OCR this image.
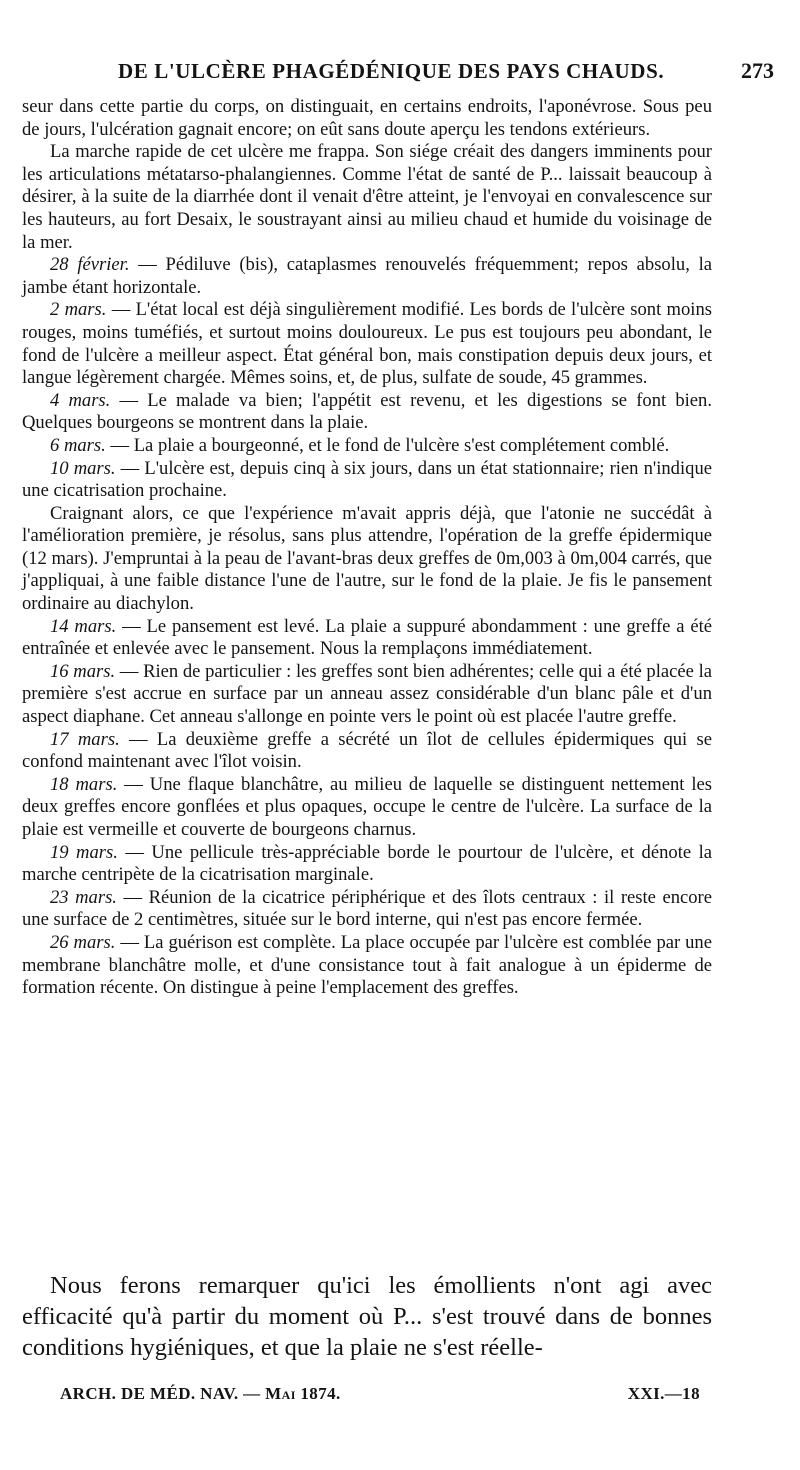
DE L'ULCÈRE PHAGÉDÉNIQUE DES PAYS CHAUDS.	273

seur dans cette partie du corps, on distinguait, en certains endroits, l'aponévrose. Sous peu de jours, l'ulcération gagnait encore; on eût sans doute aperçu les tendons extérieurs.

La marche rapide de cet ulcère me frappa. Son siége créait des dangers imminents pour les articulations métatarso-phalangiennes. Comme l'état de santé de P... laissait beaucoup à désirer, à la suite de la diarrhée dont il venait d'être atteint, je l'envoyai en convalescence sur les hauteurs, au fort Desaix, le soustrayant ainsi au milieu chaud et humide du voisinage de la mer.

28 février. — Pédiluve (bis), cataplasmes renouvelés fréquemment; repos absolu, la jambe étant horizontale.

2 mars. — L'état local est déjà singulièrement modifié. Les bords de l'ulcère sont moins rouges, moins tuméfiés, et surtout moins douloureux. Le pus est toujours peu abondant, le fond de l'ulcère a meilleur aspect. État général bon, mais constipation depuis deux jours, et langue légèrement chargée. Mêmes soins, et, de plus, sulfate de soude, 45 grammes.

4 mars. — Le malade va bien; l'appétit est revenu, et les digestions se font bien. Quelques bourgeons se montrent dans la plaie.

6 mars. — La plaie a bourgeonné, et le fond de l'ulcère s'est complétement comblé.

10 mars. — L'ulcère est, depuis cinq à six jours, dans un état stationnaire; rien n'indique une cicatrisation prochaine.

Craignant alors, ce que l'expérience m'avait appris déjà, que l'atonie ne succédât à l'amélioration première, je résolus, sans plus attendre, l'opération de la greffe épidermique (12 mars). J'empruntai à la peau de l'avant-bras deux greffes de 0m,003 à 0m,004 carrés, que j'appliquai, à une faible distance l'une de l'autre, sur le fond de la plaie. Je fis le pansement ordinaire au diachylon.

14 mars. — Le pansement est levé. La plaie a suppuré abondamment : une greffe a été entraînée et enlevée avec le pansement. Nous la remplaçons immédiatement.

16 mars. — Rien de particulier : les greffes sont bien adhérentes; celle qui a été placée la première s'est accrue en surface par un anneau assez considérable d'un blanc pâle et d'un aspect diaphane. Cet anneau s'allonge en pointe vers le point où est placée l'autre greffe.

17 mars. — La deuxième greffe a sécrété un îlot de cellules épidermiques qui se confond maintenant avec l'îlot voisin.

18 mars. — Une flaque blanchâtre, au milieu de laquelle se distinguent nettement les deux greffes encore gonflées et plus opaques, occupe le centre de l'ulcère. La surface de la plaie est vermeille et couverte de bourgeons charnus.

19 mars. — Une pellicule très-appréciable borde le pourtour de l'ulcère, et dénote la marche centripète de la cicatrisation marginale.

23 mars. — Réunion de la cicatrice périphérique et des îlots centraux : il reste encore une surface de 2 centimètres, située sur le bord interne, qui n'est pas encore fermée.

26 mars. — La guérison est complète. La place occupée par l'ulcère est comblée par une membrane blanchâtre molle, et d'une consistance tout à fait analogue à un épiderme de formation récente. On distingue à peine l'emplacement des greffes.

Nous ferons remarquer qu'ici les émollients n'ont agi avec efficacité qu'à partir du moment où P... s'est trouvé dans de bonnes conditions hygiéniques, et que la plaie ne s'est réelle-

ARCH. DE MÉD. NAV. — Mai 1874.	XXI.—18
